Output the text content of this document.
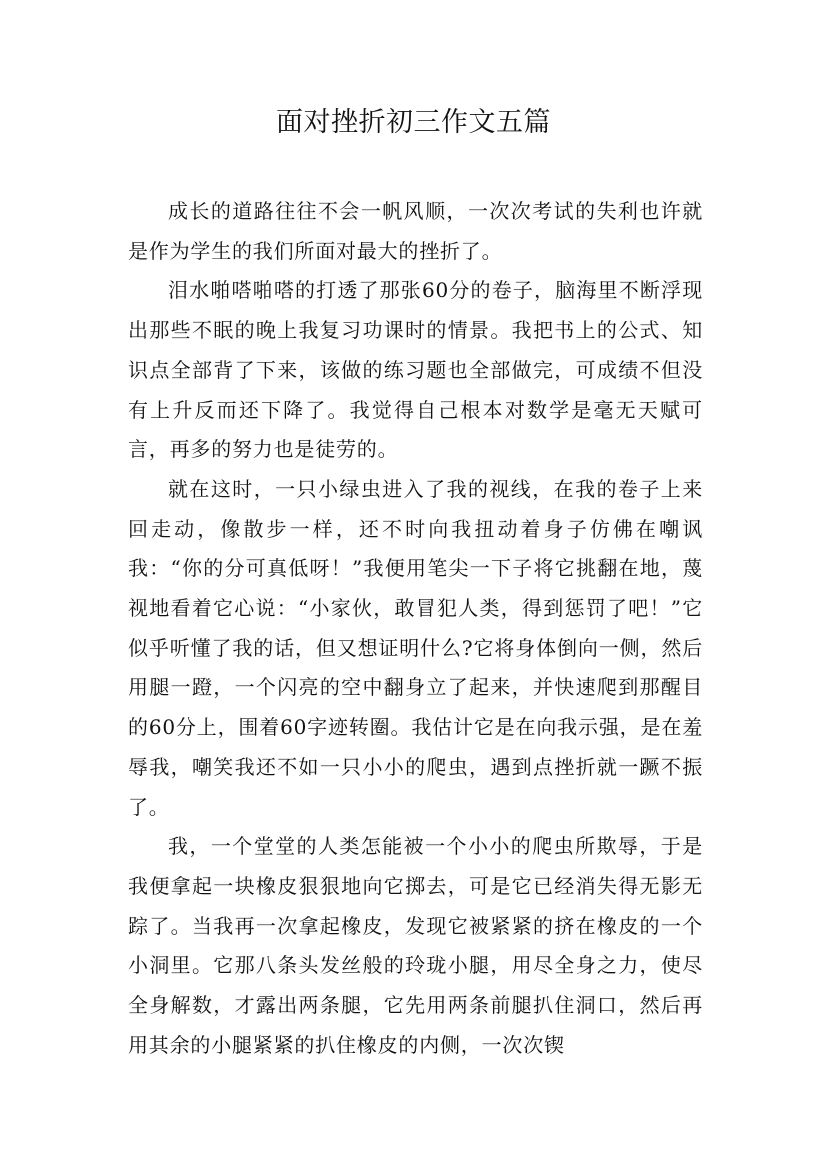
面对挫折初三作文五篇

成长的道路往往不会一帆风顺，一次次考试的失利也许就是作为学生的我们所面对最大的挫折了。

泪水啪嗒啪嗒的打透了那张60分的卷子，脑海里不断浮现出那些不眠的晚上我复习功课时的情景。我把书上的公式、知识点全部背了下来，该做的练习题也全部做完，可成绩不但没有上升反而还下降了。我觉得自己根本对数学是毫无天赋可言，再多的努力也是徒劳的。

就在这时，一只小绿虫进入了我的视线，在我的卷子上来回走动，像散步一样，还不时向我扭动着身子仿佛在嘲讽我：“你的分可真低呀！”我便用笔尖一下子将它挑翻在地，蔑视地看着它心说：“小家伙，敢冒犯人类，得到惩罚了吧！”它似乎听懂了我的话，但又想证明什么?它将身体倒向一侧，然后用腿一蹬，一个闪亮的空中翻身立了起来，并快速爬到那醒目的60分上，围着60字迹转圈。我估计它是在向我示强，是在羞辱我，嘲笑我还不如一只小小的爬虫，遇到点挫折就一蹶不振了。

我，一个堂堂的人类怎能被一个小小的爬虫所欺辱，于是我便拿起一块橡皮狠狠地向它掷去，可是它已经消失得无影无踪了。当我再一次拿起橡皮，发现它被紧紧的挤在橡皮的一个小洞里。它那八条头发丝般的玲珑小腿，用尽全身之力，使尽全身解数，才露出两条腿，它先用两条前腿扒住洞口，然后再用其余的小腿紧紧的扒住橡皮的内侧，一次次锲
